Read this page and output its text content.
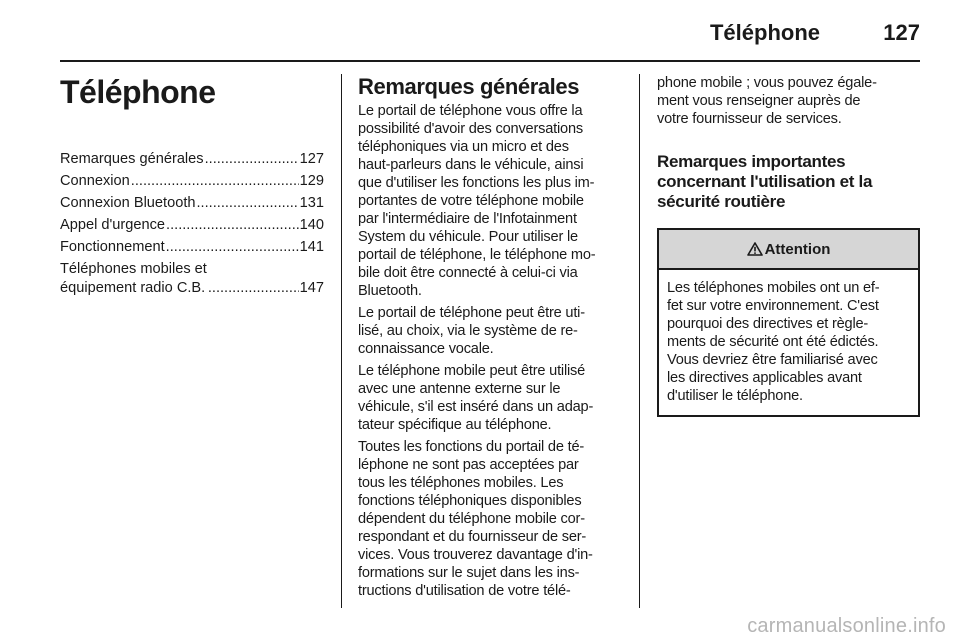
Téléphone	127
Téléphone
Remarques générales .....	127
Connexion .....	129
Connexion Bluetooth .....	131
Appel d'urgence .....	140
Fonctionnement .....	141
Téléphones mobiles et
équipement radio C.B. .....	147
Remarques générales

Le portail de téléphone vous offre la
possibilité d'avoir des conversations
téléphoniques via un micro et des
haut-parleurs dans le véhicule, ainsi
que d'utiliser les fonctions les plus im-
portantes de votre téléphone mobile
par l'intermédiaire de l'Infotainment
System du véhicule. Pour utiliser le
portail de téléphone, le téléphone mo-
bile doit être connecté à celui-ci via
Bluetooth.

Le portail de téléphone peut être uti-
lisé, au choix, via le système de re-
connaissance vocale.

Le téléphone mobile peut être utilisé
avec une antenne externe sur le
véhicule, s'il est inséré dans un adap-
tateur spécifique au téléphone.

Toutes les fonctions du portail de té-
léphone ne sont pas acceptées par
tous les téléphones mobiles. Les
fonctions téléphoniques disponibles
dépendent du téléphone mobile cor-
respondant et du fournisseur de ser-
vices. Vous trouverez davantage d'in-
formations sur le sujet dans les ins-
tructions d'utilisation de votre télé-

phone mobile ; vous pouvez égale-
ment vous renseigner auprès de
votre fournisseur de services.

Remarques importantes concernant l'utilisation et la sécurité routière
Attention
Les téléphones mobiles ont un ef-
fet sur votre environnement. C'est
pourquoi des directives et règle-
ments de sécurité ont été édictés.
Vous devriez être familiarisé avec
les directives applicables avant
d'utiliser le téléphone.
carmanualsonline.info
